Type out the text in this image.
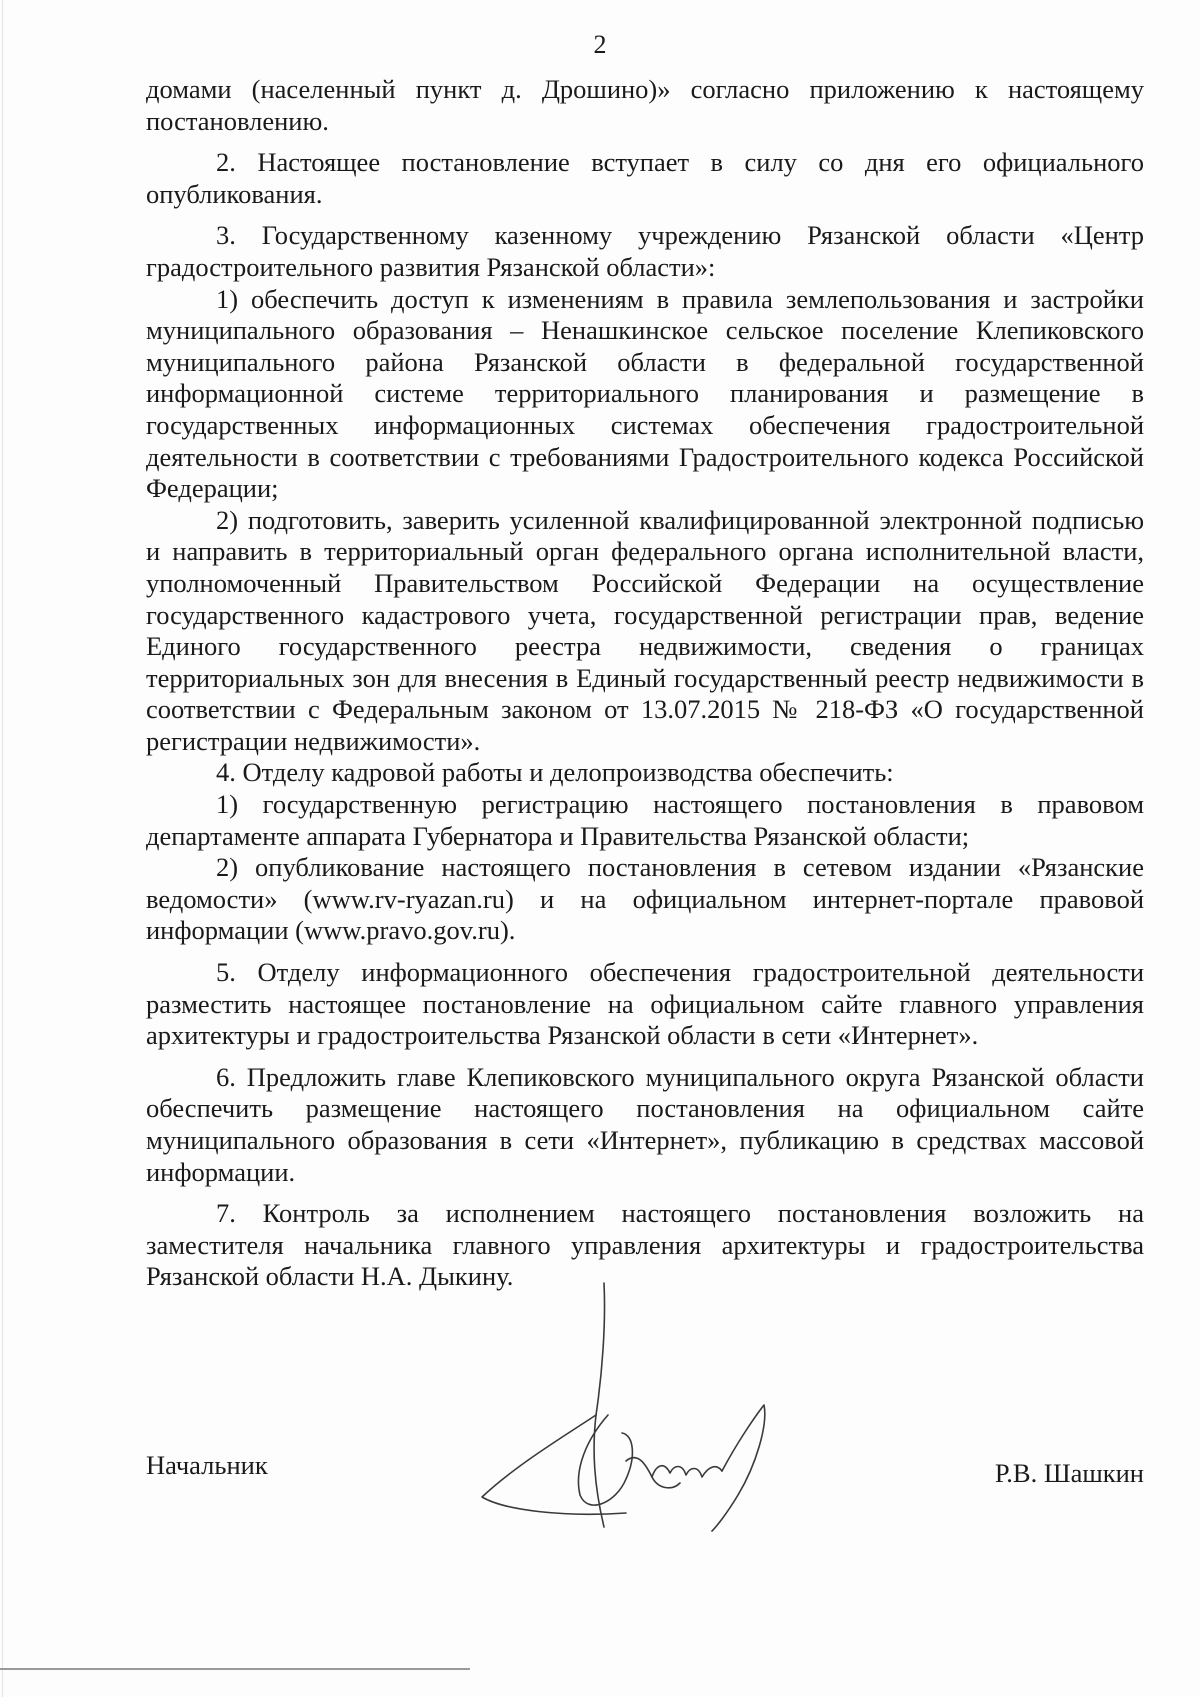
2

домами (населенный пункт д. Дрошино)» согласно приложению к настоящему постановлению.

2. Настоящее постановление вступает в силу со дня его официального опубликования.

3. Государственному казенному учреждению Рязанской области «Центр градостроительного развития Рязанской области»:

1) обеспечить доступ к изменениям в правила землепользования и застройки муниципального образования – Ненашкинское сельское поселение Клепиковского муниципального района Рязанской области в федеральной государственной информационной системе территориального планирования и размещение в государственных информационных системах обеспечения градостроительной деятельности в соответствии с требованиями Градостроительного кодекса Российской Федерации;

2) подготовить, заверить усиленной квалифицированной электронной подписью и направить в территориальный орган федерального органа исполнительной власти, уполномоченный Правительством Российской Федерации на осуществление государственного кадастрового учета, государственной регистрации прав, ведение Единого государственного реестра недвижимости, сведения о границах территориальных зон для внесения в Единый государственный реестр недвижимости в соответствии с Федеральным законом от 13.07.2015 № 218-ФЗ «О государственной регистрации недвижимости».

4. Отделу кадровой работы и делопроизводства обеспечить:

1) государственную регистрацию настоящего постановления в правовом департаменте аппарата Губернатора и Правительства Рязанской области;

2) опубликование настоящего постановления в сетевом издании «Рязанские ведомости» (www.rv-ryazan.ru) и на официальном интернет-портале правовой информации (www.pravo.gov.ru).

5. Отделу информационного обеспечения градостроительной деятельности разместить настоящее постановление на официальном сайте главного управления архитектуры и градостроительства Рязанской области в сети «Интернет».

6. Предложить главе Клепиковского муниципального округа Рязанской области обеспечить размещение настоящего постановления на официальном сайте муниципального образования в сети «Интернет», публикацию в средствах массовой информации.

7. Контроль за исполнением настоящего постановления возложить на заместителя начальника главного управления архитектуры и градостроительства Рязанской области Н.А. Дыкину.

Начальник	Р.В. Шашкин
